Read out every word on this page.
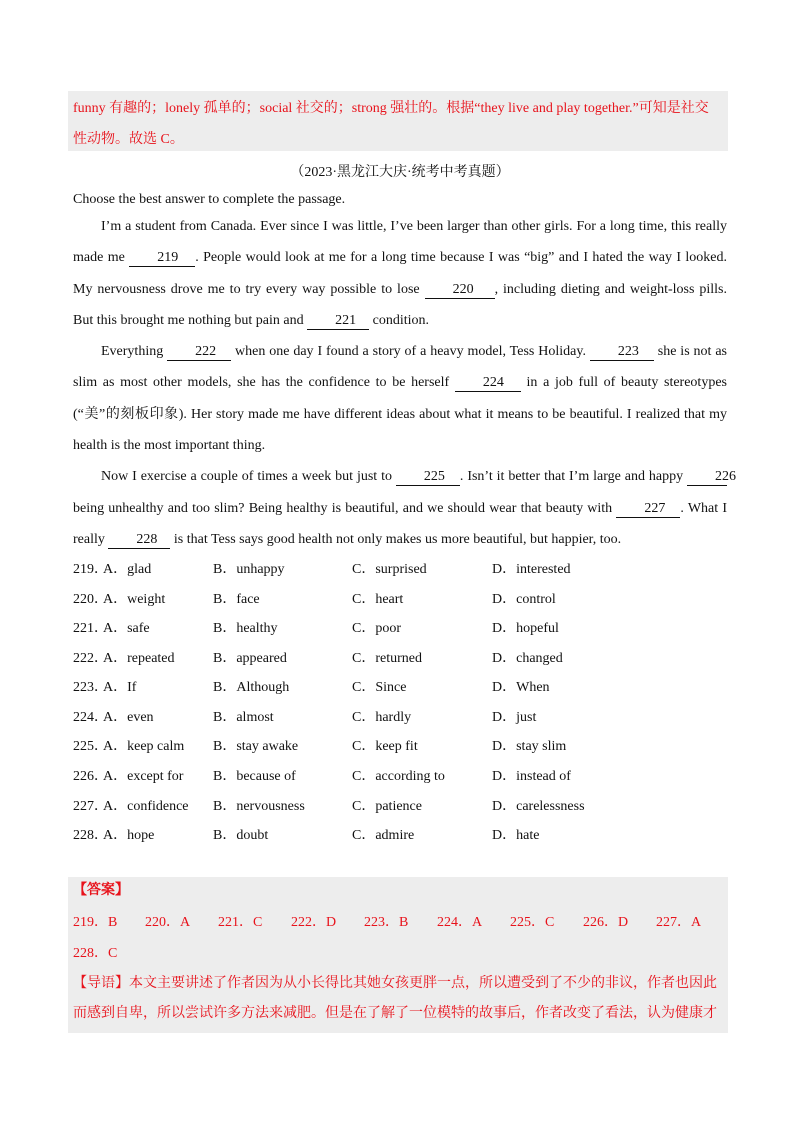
funny 有趣的；lonely 孤单的；social 社交的；strong 强壮的。根据“they live and play together.”可知是社交
性动物。故选 C。
（2023·黑龙江大庆·统考中考真题）
Choose the best answer to complete the passage.

I’m a student from Canada. Ever since I was little, I’ve been larger than other girls. For a long time, this really made me 219 . People would look at me for a long time because I was “big” and I hated the way I looked. My nervousness drove me to try every way possible to lose 220 , including dieting and weight-loss pills. But this brought me nothing but pain and 221 condition.

Everything 222 when one day I found a story of a heavy model, Tess Holiday. 223 she is not as slim as most other models, she has the confidence to be herself 224 in a job full of beauty stereotypes (“美”的刻板印象). Her story made me have different ideas about what it means to be beautiful. I realized that my health is the most important thing.

Now I exercise a couple of times a week but just to 225 . Isn’t it better that I’m large and happy 226 being unhealthy and too slim? Being healthy is beautiful, and we should wear that beauty with 227 . What I really 228 is that Tess says good health not only makes us more beautiful, but happier, too.

219．
A．glad	B．unhappy	C．surprised	D．interested
220．
A．weight	B．face	C．heart	D．control
221．
A．safe	B．healthy	C．poor	D．hopeful
222．
A．repeated	B．appeared	C．returned	D．changed
223．
A．If	B．Although	C．Since	D．When
224．
A．even	B．almost	C．hardly	D．just
225．
A．keep calm B．stay awake	C．keep fit	D．stay slim
226．
A．except for B．because of	C．according to	D．instead of
227．
A．confidence B．nervousness	C．patience	D．carelessness
228．
A．hope	B．doubt	C．admire	D．hate
【答案】
219．B 220．A 221．C 222．D 223．B 224．A 225．C 226．D 227．A
228．C
【导语】本文主要讲述了作者因为从小长得比其她女孩更胖一点，所以遭受到了不少的非议，作者也因此
而感到自卑，所以尝试许多方法来减肥。但是在了解了一位模特的故事后，作者改变了看法，认为健康才
